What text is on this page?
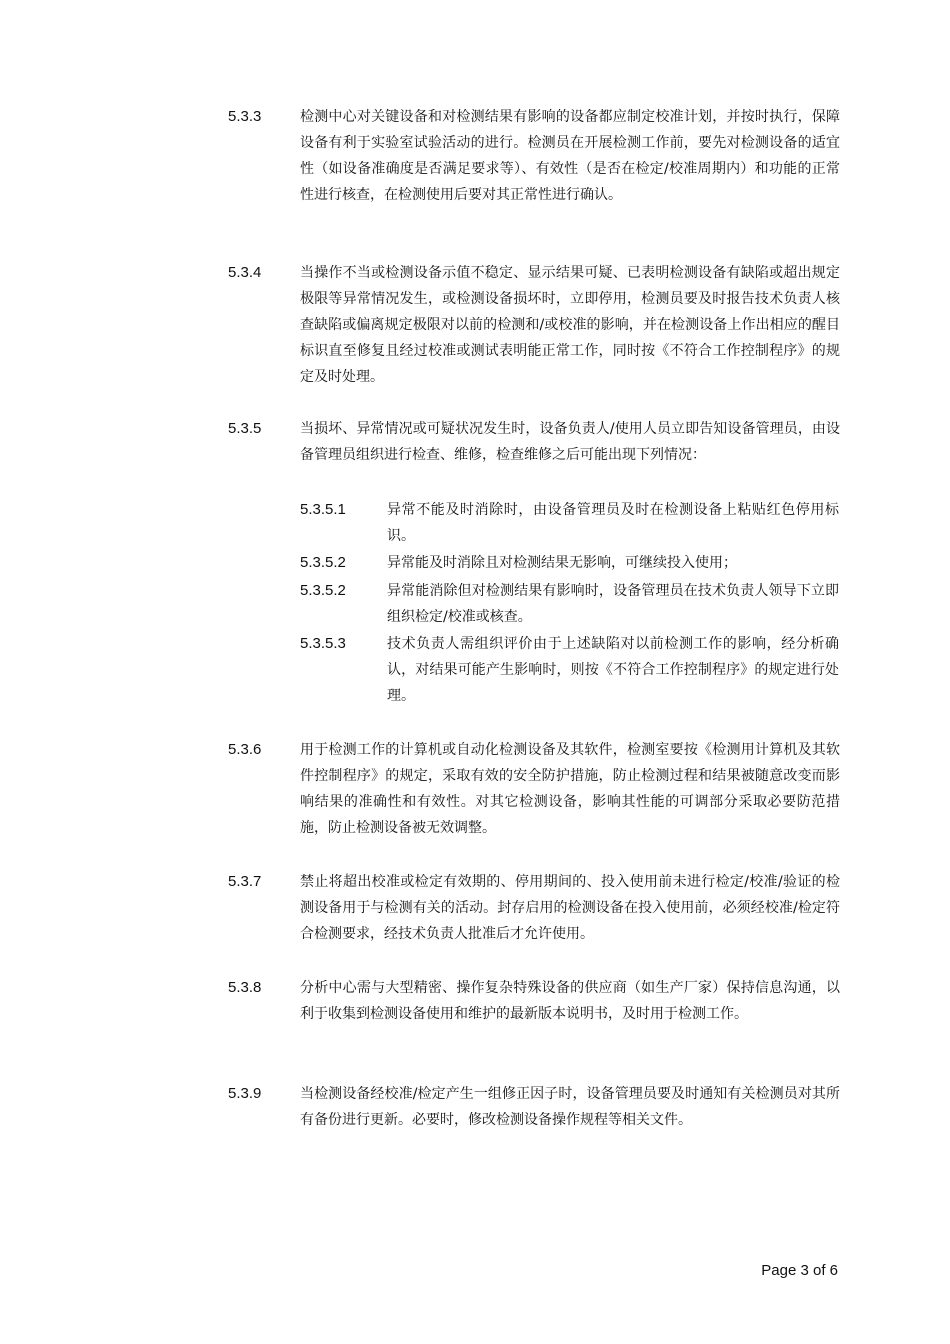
5.3.3	检测中心对关键设备和对检测结果有影响的设备都应制定校准计划，并按时执行，保障设备有利于实验室试验活动的进行。检测员在开展检测工作前，要先对检测设备的适宜性（如设备准确度是否满足要求等）、有效性（是否在检定/校准周期内）和功能的正常性进行核查，在检测使用后要对其正常性进行确认。
5.3.4	当操作不当或检测设备示值不稳定、显示结果可疑、已表明检测设备有缺陷或超出规定极限等异常情况发生，或检测设备损坏时，立即停用，检测员要及时报告技术负责人核查缺陷或偏离规定极限对以前的检测和/或校准的影响，并在检测设备上作出相应的醒目标识直至修复且经过校准或测试表明能正常工作，同时按《不符合工作控制程序》的规定及时处理。
5.3.5	当损坏、异常情况或可疑状况发生时，设备负责人/使用人员立即告知设备管理员，由设备管理员组织进行检查、维修，检查维修之后可能出现下列情况：
5.3.5.1	异常不能及时消除时，由设备管理员及时在检测设备上粘贴红色停用标识。
5.3.5.2	异常能及时消除且对检测结果无影响，可继续投入使用；
5.3.5.2	异常能消除但对检测结果有影响时，设备管理员在技术负责人领导下立即组织检定/校准或核查。
5.3.5.3	技术负责人需组织评价由于上述缺陷对以前检测工作的影响，经分析确认，对结果可能产生影响时，则按《不符合工作控制程序》的规定进行处理。
5.3.6	用于检测工作的计算机或自动化检测设备及其软件，检测室要按《检测用计算机及其软件控制程序》的规定，采取有效的安全防护措施，防止检测过程和结果被随意改变而影响结果的准确性和有效性。对其它检测设备，影响其性能的可调部分采取必要防范措施，防止检测设备被无效调整。
5.3.7	禁止将超出校准或检定有效期的、停用期间的、投入使用前未进行检定/校准/验证的检测设备用于与检测有关的活动。封存启用的检测设备在投入使用前，必须经校准/检定符合检测要求，经技术负责人批准后才允许使用。
5.3.8	分析中心需与大型精密、操作复杂特殊设备的供应商（如生产厂家）保持信息沟通，以利于收集到检测设备使用和维护的最新版本说明书，及时用于检测工作。
5.3.9	当检测设备经校准/检定产生一组修正因子时，设备管理员要及时通知有关检测员对其所有备份进行更新。必要时，修改检测设备操作规程等相关文件。
Page 3 of 6
